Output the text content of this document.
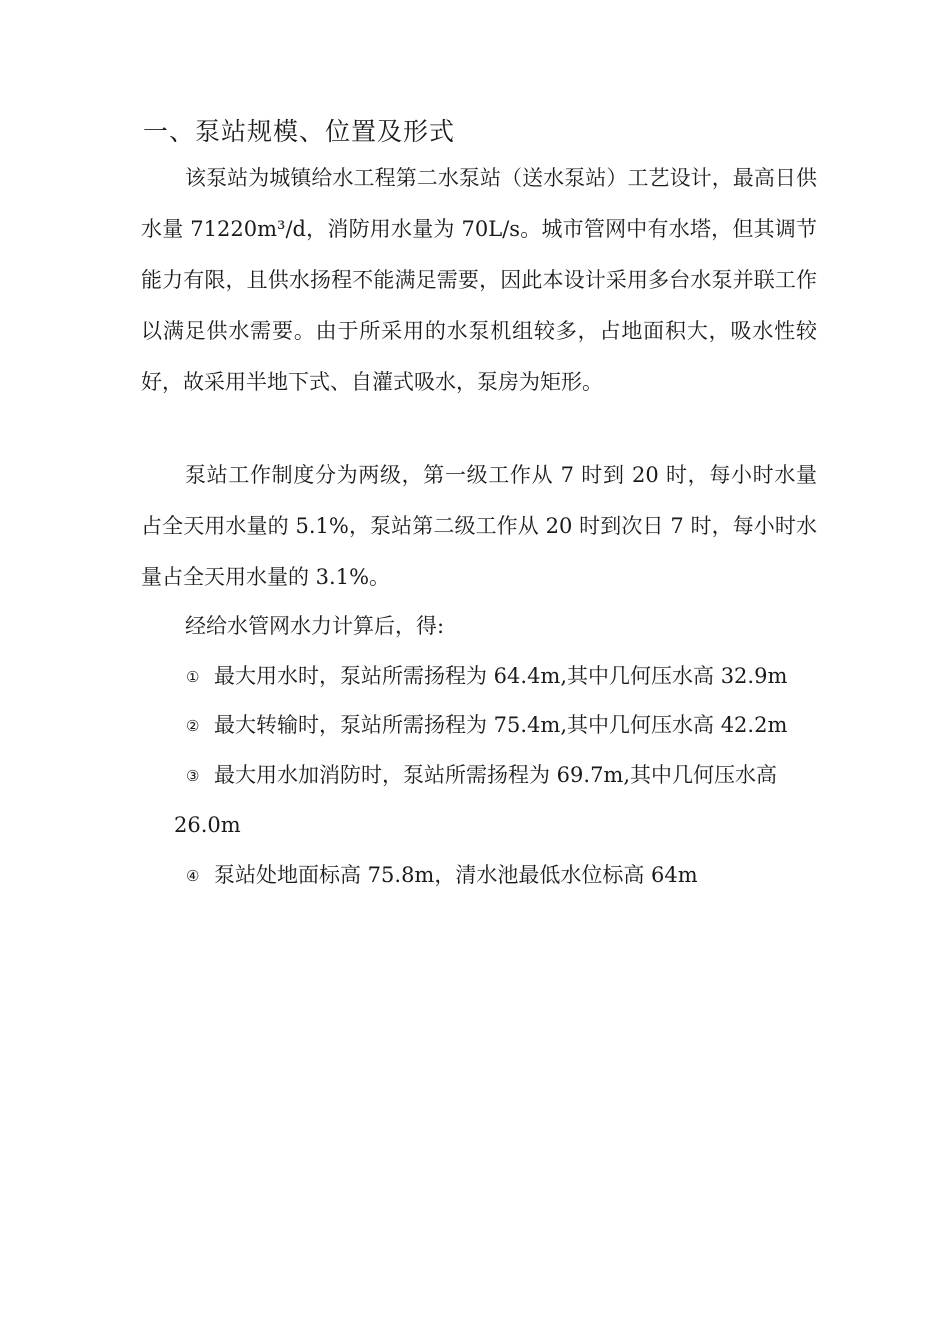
一、泵站规模、位置及形式

该泵站为城镇给水工程第二水泵站（送水泵站）工艺设计，最高日供水量 71220m³/d，消防用水量为 70L/s。城市管网中有水塔，但其调节能力有限，且供水扬程不能满足需要，因此本设计采用多台水泵并联工作以满足供水需要。由于所采用的水泵机组较多，占地面积大，吸水性较好，故采用半地下式、自灌式吸水，泵房为矩形。

泵站工作制度分为两级，第一级工作从 7 时到 20 时，每小时水量占全天用水量的 5.1%，泵站第二级工作从 20 时到次日 7 时，每小时水量占全天用水量的 3.1%。

经给水管网水力计算后，得:

① 最大用水时，泵站所需扬程为 64.4m,其中几何压水高 32.9m
② 最大转输时，泵站所需扬程为 75.4m,其中几何压水高 42.2m
③ 最大用水加消防时，泵站所需扬程为 69.7m,其中几何压水高
26.0m
④ 泵站处地面标高 75.8m，清水池最低水位标高 64m
